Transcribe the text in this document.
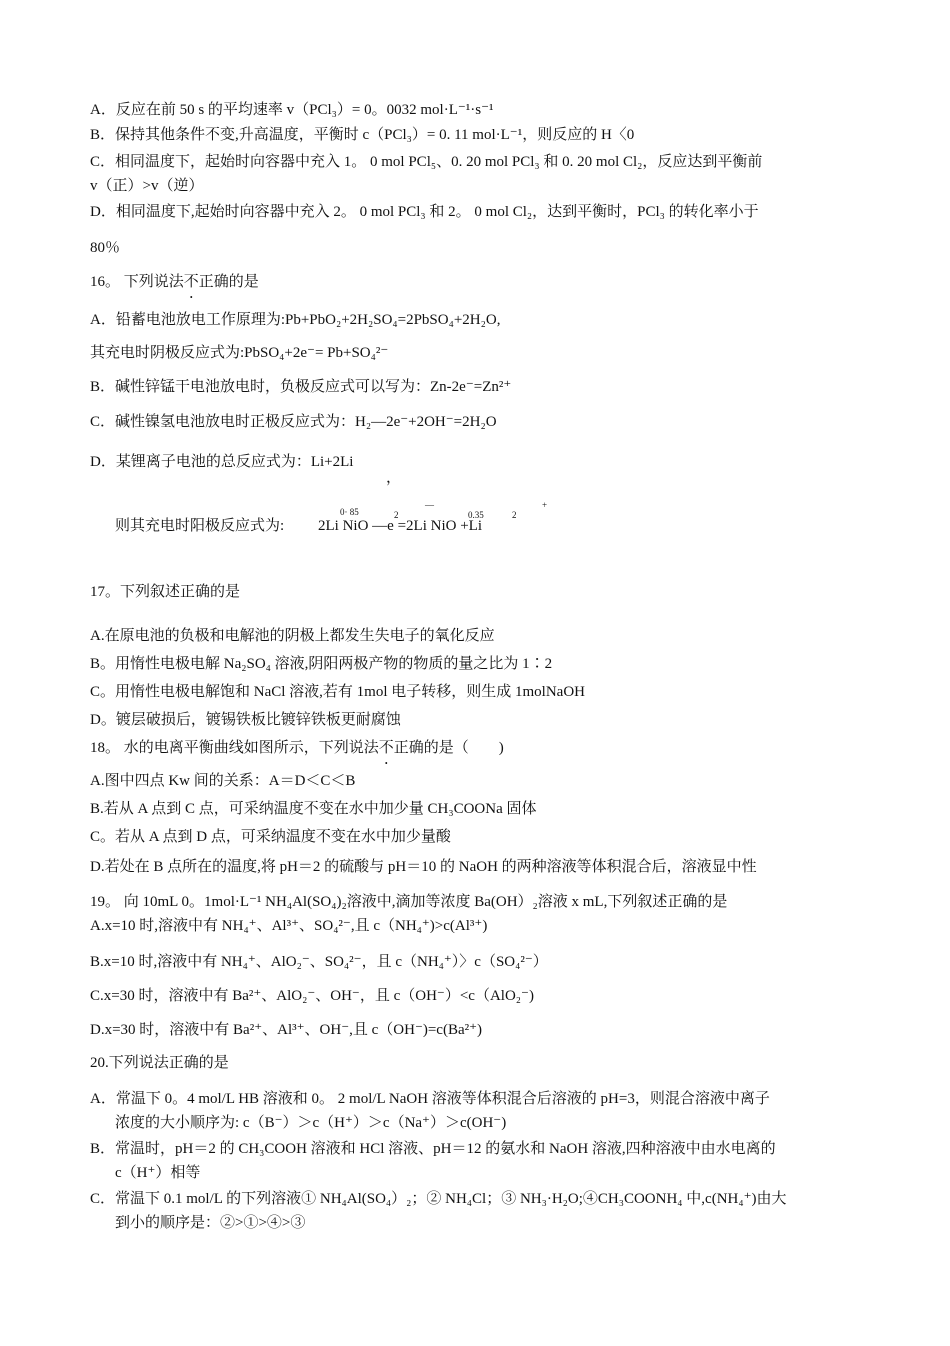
A．反应在前 50 s 的平均速率 v（PCl₃）= 0。0032 mol·L⁻¹·s⁻¹
B．保持其他条件不变,升高温度，平衡时 c（PCl₃）= 0. 11 mol·L⁻¹，则反应的 H〈0
C．相同温度下，起始时向容器中充入 1。 0 mol PCl₅、0. 20 mol PCl₃ 和 0. 20 mol Cl₂，反应达到平衡前
v（正）>v（逆）
D．相同温度下,起始时向容器中充入 2。 0 mol PCl₃ 和 2。 0 mol Cl₂，达到平衡时，PCl₃ 的转化率小于
80％
16。 下列说法不正确的是
A．铅蓄电池放电工作原理为:Pb+PbO₂+2H₂SO₄=2PbSO₄+2H₂O,
其充电时阴极反应式为:PbSO₄+2e⁻= Pb+SO₄²⁻
B．碱性锌锰干电池放电时，负极反应式可以写为：Zn-2e⁻=Zn²⁺
C．碱性镍氢电池放电时正极反应式为：H₂—2e⁻+2OH⁻=2H₂O
D．某锂离子电池的总反应式为：Li+2Li
，
则其充电时阳极反应式为: 2Li NiO —e =2Li NiO +Li
0· 85	2
—
0.35	2
+
17。下列叙述正确的是
A.在原电池的负极和电解池的阴极上都发生失电子的氧化反应
B。用惰性电极电解 Na₂SO₄ 溶液,阴阳两极产物的物质的量之比为 1∶2
C。用惰性电极电解饱和 NaCl 溶液,若有 1mol 电子转移，则生成 1molNaOH
D。镀层破损后，镀锡铁板比镀锌铁板更耐腐蚀
18。 水的电离平衡曲线如图所示，下列说法不正确的是（　　)
A.图中四点 Kw 间的关系：A＝D＜C＜B
B.若从 A 点到 C 点，可采纳温度不变在水中加少量 CH₃COONa 固体
C。若从 A 点到 D 点，可采纳温度不变在水中加少量酸
D.若处在 B 点所在的温度,将 pH＝2 的硫酸与 pH＝10 的 NaOH 的两种溶液等体积混合后，溶液显中性
19。 向 10mL 0。1mol·L⁻¹ NH₄Al(SO₄)₂溶液中,滴加等浓度 Ba(OH）₂溶液 x mL,下列叙述正确的是
A.x=10 时,溶液中有 NH₄⁺、Al³⁺、SO₄²⁻,且 c（NH₄⁺)>c(Al³⁺)
B.x=10 时,溶液中有 NH₄⁺、AlO₂⁻、SO₄²⁻，且 c（NH₄⁺）〉c（SO₄²⁻）
C.x=30 时，溶液中有 Ba²⁺、AlO₂⁻、OH⁻，且 c（OH⁻）<c（AlO₂⁻)
D.x=30 时，溶液中有 Ba²⁺、Al³⁺、OH⁻,且 c（OH⁻)=c(Ba²⁺)
20.下列说法正确的是
A．常温下 0。4 mol/L HB 溶液和 0。 2 mol/L NaOH 溶液等体积混合后溶液的 pH=3，则混合溶液中离子
浓度的大小顺序为: c（B⁻）＞c（H⁺）＞c（Na⁺）＞c(OH⁻)
B．常温时，pH＝2 的 CH₃COOH 溶液和 HCl 溶液、pH＝12 的氨水和 NaOH 溶液,四种溶液中由水电离的
c（H⁺）相等
C．常温下 0.1 mol/L 的下列溶液① NH₄Al(SO₄）₂；② NH₄Cl；③ NH₃·H₂O;④CH₃COONH₄ 中,c(NH₄⁺)由大
到小的顺序是：②>①>④>③
